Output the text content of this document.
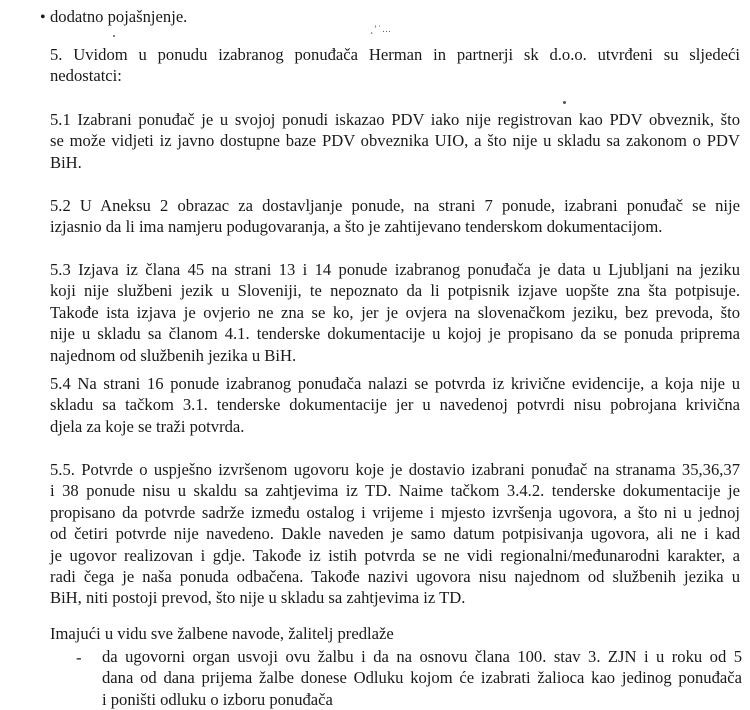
dodatno pojašnjenje.
•
¸’˙…
5. Uvidom u ponudu izabranog ponuđača Herman in partnerji sk d.o.o. utvrđeni su sljedeći
nedostatci:
5.1 Izabrani ponuđač je u svojoj ponudi iskazao PDV iako nije registrovan kao PDV obveznik, što
se može vidjeti iz javno dostupne baze PDV obveznika UIO, a što nije u skladu sa zakonom o PDV
BiH.
5.2 U Aneksu 2 obrazac za dostavljanje ponude, na strani 7 ponude, izabrani ponuđač se nije
izjasnio da li ima namjeru podugovaranja, a što je zahtijevano tenderskom dokumentacijom.
5.3 Izjava iz člana 45 na strani 13 i 14 ponude izabranog ponuđača je data u Ljubljani na jeziku
koji nije službeni jezik u Sloveniji, te nepoznato da li potpisnik izjave uopšte zna šta potpisuje.
Takođe ista izjava je ovjerio ne zna se ko, jer je ovjera na slovenačkom jeziku, bez prevoda, što
nije u skladu sa članom 4.1. tenderske dokumentacije u kojoj je propisano da se ponuda priprema
najednom od službenih jezika u BiH.
5.4 Na strani 16 ponude izabranog ponuđača nalazi se potvrda iz krivične evidencije, a koja nije u
skladu sa tačkom 3.1. tenderske dokumentacije jer u navedenoj potvrdi nisu pobrojana krivična
djela za koje se traži potvrda.
5.5. Potvrde o uspješno izvršenom ugovoru koje je dostavio izabrani ponuđač na stranama 35,36,37
i 38 ponude nisu u skaldu sa zahtjevima iz TD. Naime tačkom 3.4.2. tenderske dokumentacije je
propisano da potvrde sadrže između ostalog i vrijeme i mjesto izvršenja ugovora, a što ni u jednoj
od četiri potvrde nije navedeno. Dakle naveden je samo datum potpisivanja ugovora, ali ne i kad
je ugovor realizovan i gdje. Takođe iz istih potvrda se ne vidi regionalni/međunarodni karakter, a
radi čega je naša ponuda odbačena. Takođe nazivi ugovora nisu najednom od službenih jezika u
BiH, niti postoji prevod, što nije u skladu sa zahtjevima iz TD.
Imajući u vidu sve žalbene navode, žalitelj predlaže
- da ugovorni organ usvoji ovu žalbu i da na osnovu člana 100. stav 3. ZJN i u roku od 5
dana od dana prijema žalbe donese Odluku kojom će izabrati žalioca kao jedinog ponuđača
i poništi odluku o izboru ponuđača
